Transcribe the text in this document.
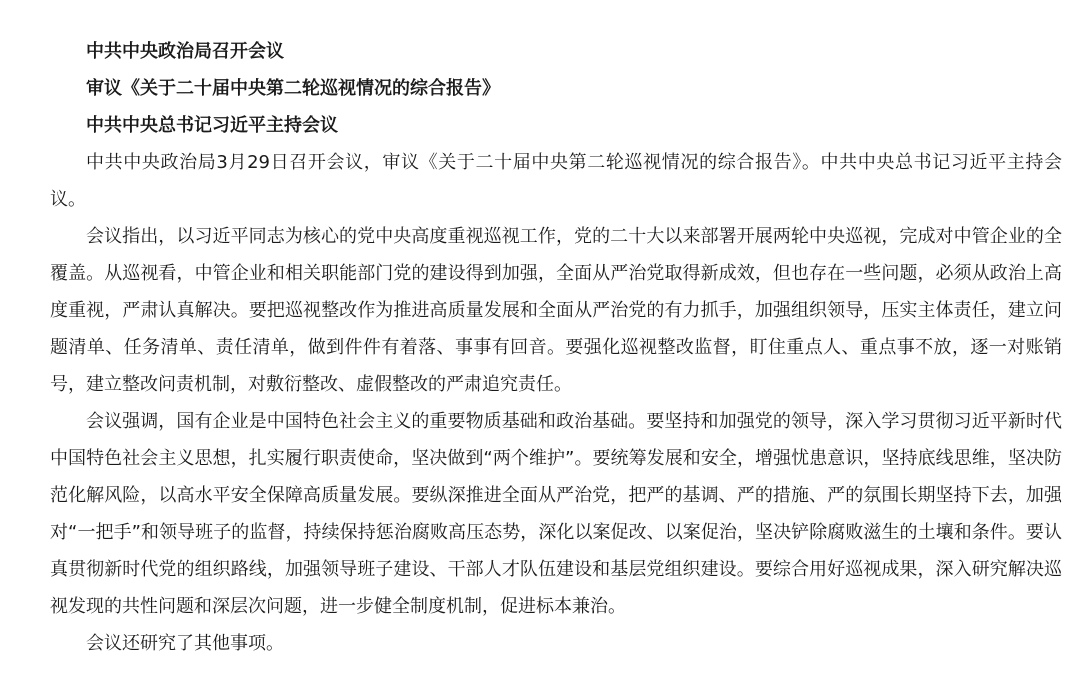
中共中央政治局召开会议
审议《关于二十届中央第二轮巡视情况的综合报告》
中共中央总书记习近平主持会议

中共中央政治局3月29日召开会议，审议《关于二十届中央第二轮巡视情况的综合报告》。中共中央总书记习近平主持会议。

会议指出，以习近平同志为核心的党中央高度重视巡视工作，党的二十大以来部署开展两轮中央巡视，完成对中管企业的全覆盖。从巡视看，中管企业和相关职能部门党的建设得到加强，全面从严治党取得新成效，但也存在一些问题，必须从政治上高度重视，严肃认真解决。要把巡视整改作为推进高质量发展和全面从严治党的有力抓手，加强组织领导，压实主体责任，建立问题清单、任务清单、责任清单，做到件件有着落、事事有回音。要强化巡视整改监督，盯住重点人、重点事不放，逐一对账销号，建立整改问责机制，对敷衍整改、虚假整改的严肃追究责任。

会议强调，国有企业是中国特色社会主义的重要物质基础和政治基础。要坚持和加强党的领导，深入学习贯彻习近平新时代中国特色社会主义思想，扎实履行职责使命，坚决做到“两个维护”。要统筹发展和安全，增强忧患意识，坚持底线思维，坚决防范化解风险，以高水平安全保障高质量发展。要纵深推进全面从严治党，把严的基调、严的措施、严的氛围长期坚持下去，加强对“一把手”和领导班子的监督，持续保持惩治腐败高压态势，深化以案促改、以案促治，坚决铲除腐败滋生的土壤和条件。要认真贯彻新时代党的组织路线，加强领导班子建设、干部人才队伍建设和基层党组织建设。要综合用好巡视成果，深入研究解决巡视发现的共性问题和深层次问题，进一步健全制度机制，促进标本兼治。

会议还研究了其他事项。
